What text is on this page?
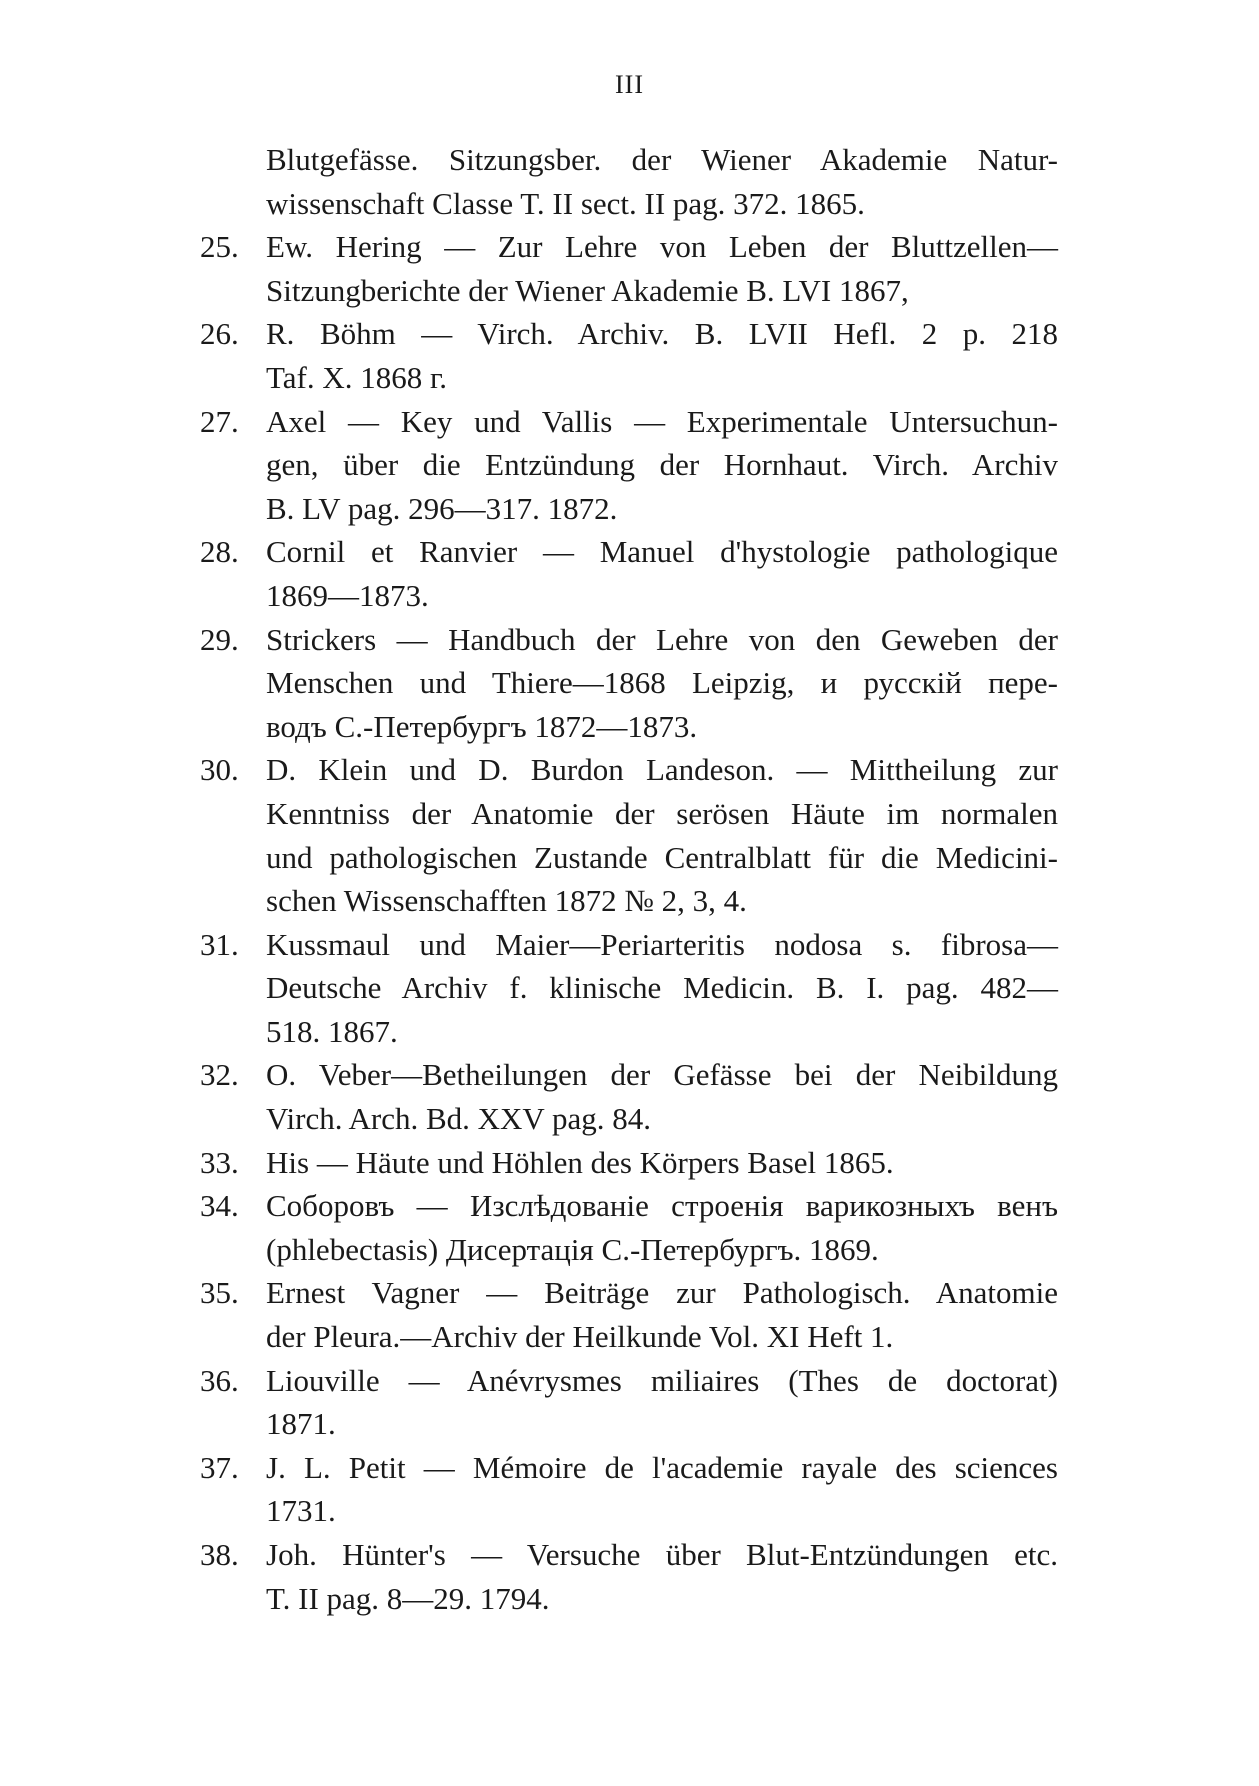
III
Blutgefässe. Sitzungsber. der Wiener Akademie Natur-
wissenschaft Classe T. II sect. II pag. 372. 1865.
25. Ew. Hering — Zur Lehre von Leben der Bluttzellen—
Sitzungberichte der Wiener Akademie B. LVI 1867,
26. R. Böhm — Virch. Archiv. B. LVII Hefl. 2 p. 218
Taf. X. 1868 г.
27. Axel — Key und Vallis — Experimentale Untersuchun-
gen, über die Entzündung der Hornhaut. Virch. Archiv
B. LV pag. 296—317. 1872.
28. Cornil et Ranvier — Manuel d'hystologie pathologique
1869—1873.
29. Strickers — Handbuch der Lehre von den Geweben der
Menschen und Thiere—1868 Leipzig, и русскій пере-
водъ С.-Петербургъ 1872—1873.
30. D. Klein und D. Burdon Landeson. — Mittheilung zur
Kenntniss der Anatomie der serösen Häute im normalen
und pathologischen Zustande Centralblatt für die Medicini-
schen Wissenschafften 1872 № 2, 3, 4.
31. Kussmaul und Maier—Periarteritis nodosa s. fibrosa—
Deutsche Archiv f. klinische Medicin. B. I. pag. 482—
518. 1867.
32. O. Veber—Betheilungen der Gefässe bei der Neibildung
Virch. Arch. Bd. XXV pag. 84.
33. His — Häute und Höhlen des Körpers Basel 1865.
34. Соборовъ — Изслѣдованіе строенія варикозныхъ венъ
(phlebectasis) Дисертація С.-Петербургъ. 1869.
35. Ernest Vagner — Beiträge zur Pathologisch. Anatomie
der Pleura.—Archiv der Heilkunde Vol. XI Heft 1.
36. Liouville — Anévrysmes miliaires (Thes de doctorat)
1871.
37. J. L. Petit — Mémoire de l'academie rayale des sciences
1731.
38. Joh. Hünter's — Versuche über Blut-Entzündungen etc.
T. II pag. 8—29. 1794.
